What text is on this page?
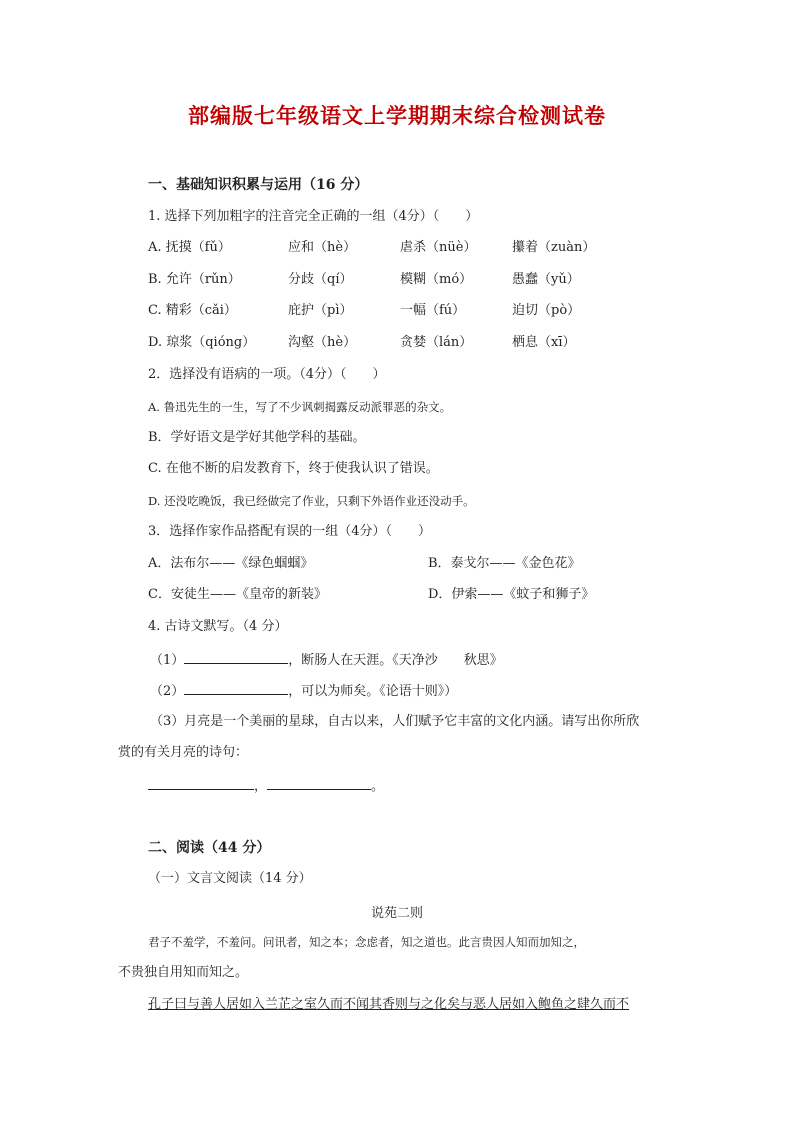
部编版七年级语文上学期期末综合检测试卷
一、基础知识积累与运用（16 分）
1. 选择下列加粗字的注音完全正确的一组（4分）（　　）
A. 抚摸（fǔ）	应和（hè）	虐杀（nüè）	攥着（zuàn）
B. 允许（rǔn）	分歧（qí）	模糊（mó）	愚蠢（yǔ）
C. 精彩（cǎi）	庇护（pì）	一幅（fú）	迫切（pò）
D. 琼浆（qióng）	沟壑（hè）	贪婪（lán）	栖息（xī）
2．选择没有语病的一项。（4分）（　　）
A. 鲁迅先生的一生，写了不少讽刺揭露反动派罪恶的杂文。
B．学好语文是学好其他学科的基础。
C. 在他不断的启发教育下，终于使我认识了错误。
D. 还没吃晚饭，我已经做完了作业，只剩下外语作业还没动手。
3．选择作家作品搭配有误的一组（4分）（　　）
A．法布尔——《绿色蝈蝈》	B．泰戈尔——《金色花》
C．安徒生——《皇帝的新装》	D．伊索——《蚊子和狮子》
4. 古诗文默写。（4 分）
（1）	，断肠人在天涯。《天净沙　　秋思》
（2）	，可以为师矣。《论语十则》）
（3）月亮是一个美丽的星球，自古以来，人们赋予它丰富的文化内涵。请写出你所欣
赏的有关月亮的诗句：
，	。
二、阅读（44 分）
（一）文言文阅读（14 分）
说苑二则
君子不羞学，不羞问。问讯者，知之本；念虑者，知之道也。此言贵因人知而加知之，
不贵独自用知而知之。
孔子曰与善人居如入兰芷之室久而不闻其香则与之化矣与恶人居如入鲍鱼之肆久而不
